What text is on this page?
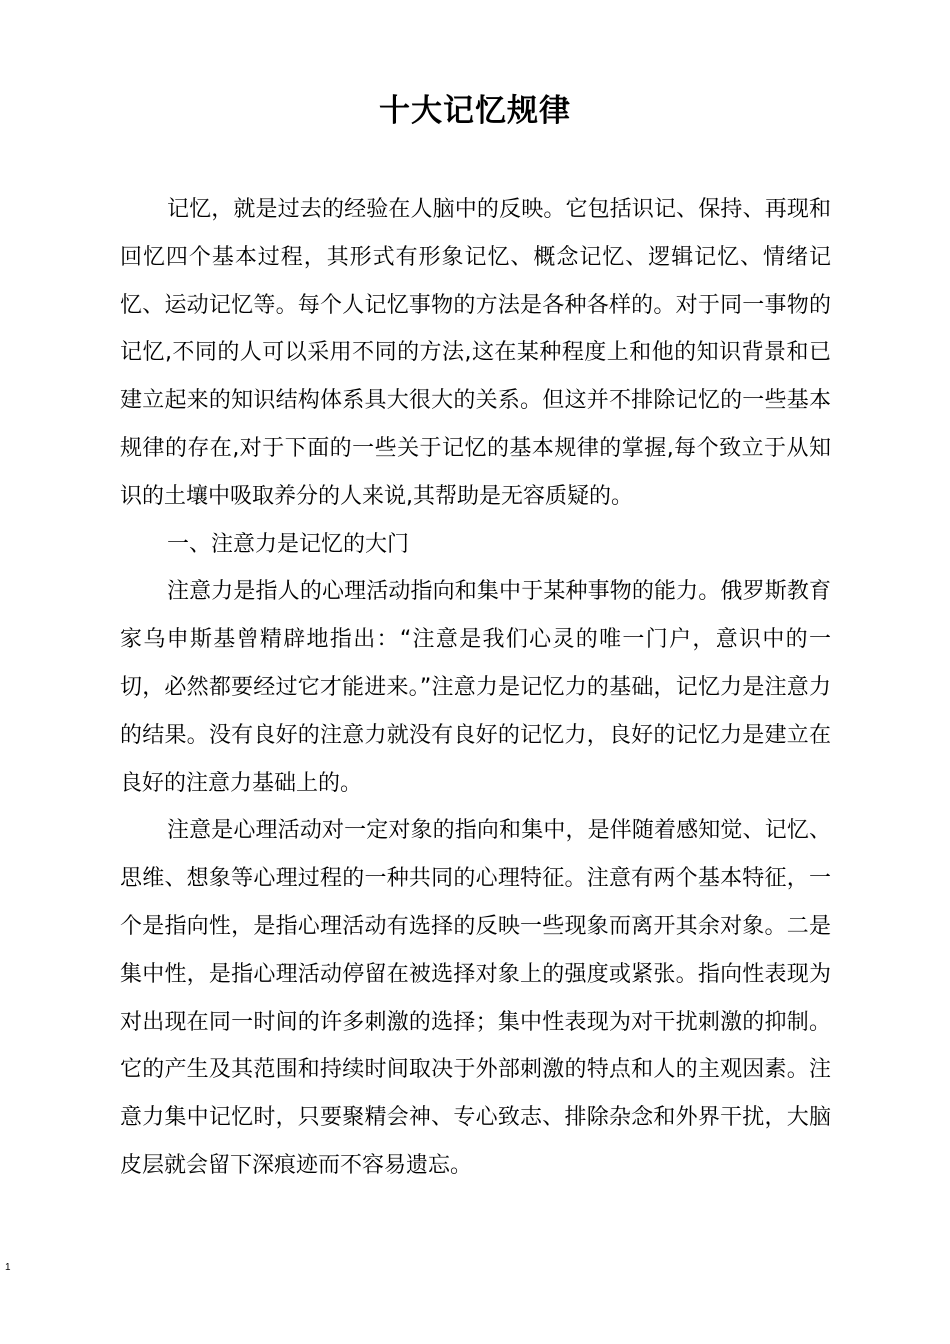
十大记忆规律

记忆，就是过去的经验在人脑中的反映。它包括识记、保持、再现和回忆四个基本过程，其形式有形象记忆、概念记忆、逻辑记忆、情绪记忆、运动记忆等。每个人记忆事物的方法是各种各样的。对于同一事物的记忆,不同的人可以采用不同的方法,这在某种程度上和他的知识背景和已建立起来的知识结构体系具大很大的关系。但这并不排除记忆的一些基本规律的存在,对于下面的一些关于记忆的基本规律的掌握,每个致立于从知识的土壤中吸取养分的人来说,其帮助是无容质疑的。

一、注意力是记忆的大门

注意力是指人的心理活动指向和集中于某种事物的能力。俄罗斯教育家乌申斯基曾精辟地指出：“注意是我们心灵的唯一门户，意识中的一切，必然都要经过它才能进来。”注意力是记忆力的基础，记忆力是注意力的结果。没有良好的注意力就没有良好的记忆力，良好的记忆力是建立在良好的注意力基础上的。

注意是心理活动对一定对象的指向和集中，是伴随着感知觉、记忆、思维、想象等心理过程的一种共同的心理特征。注意有两个基本特征，一个是指向性，是指心理活动有选择的反映一些现象而离开其余对象。二是集中性，是指心理活动停留在被选择对象上的强度或紧张。指向性表现为对出现在同一时间的许多刺激的选择；集中性表现为对干扰刺激的抑制。它的产生及其范围和持续时间取决于外部刺激的特点和人的主观因素。注意力集中记忆时，只要聚精会神、专心致志、排除杂念和外界干扰，大脑皮层就会留下深痕迹而不容易遗忘。

1
